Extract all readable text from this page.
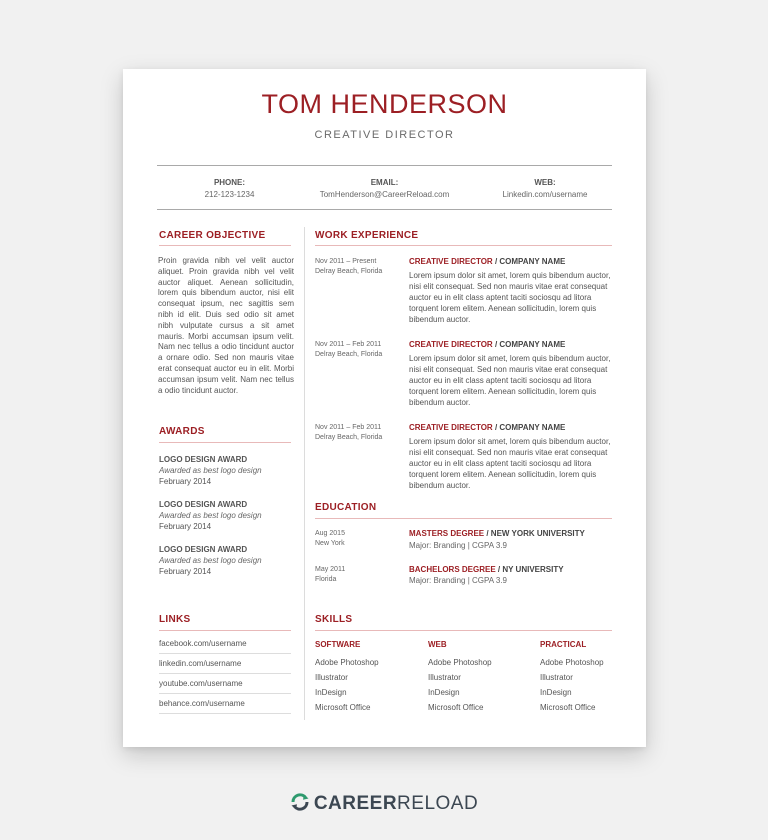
TOM HENDERSON
CREATIVE DIRECTOR
PHONE:
212-123-1234
EMAIL:
TomHenderson@CareerReload.com
WEB:
Linkedin.com/username
CAREER OBJECTIVE
Proin gravida nibh vel velit auctor aliquet. Proin gravida nibh vel velit auctor aliquet. Aenean sollicitudin, lorem quis bibendum auctor, nisi elit consequat ipsum, nec sagittis sem nibh id elit. Duis sed odio sit amet nibh vulputate cursus a sit amet mauris. Morbi accumsan ipsum velit. Nam nec tellus a odio tincidunt auctor a ornare odio. Sed non mauris vitae erat consequat auctor eu in elit. Morbi accumsan ipsum velit. Nam nec tellus a odio tincidunt auctor.
AWARDS
LOGO DESIGN AWARD
Awarded as best logo design
February 2014
LOGO DESIGN AWARD
Awarded as best logo design
February 2014
LOGO DESIGN AWARD
Awarded as best logo design
February 2014
LINKS
facebook.com/username
linkedin.com/username
youtube.com/username
behance.com/username
WORK EXPERIENCE
Nov 2011 – Present
Delray Beach, Florida
CREATIVE DIRECTOR / COMPANY NAME
Lorem ipsum dolor sit amet, lorem quis bibendum auctor, nisi elit consequat. Sed non mauris vitae erat consequat auctor eu in elit class aptent taciti sociosqu ad litora torquent lorem elitem. Aenean sollicitudin, lorem quis bibendum auctor.
Nov 2011 – Feb 2011
Delray Beach, Florida
CREATIVE DIRECTOR / COMPANY NAME
Lorem ipsum dolor sit amet, lorem quis bibendum auctor, nisi elit consequat. Sed non mauris vitae erat consequat auctor eu in elit class aptent taciti sociosqu ad litora torquent lorem elitem. Aenean sollicitudin, lorem quis bibendum auctor.
Nov 2011 – Feb 2011
Delray Beach, Florida
CREATIVE DIRECTOR / COMPANY NAME
Lorem ipsum dolor sit amet, lorem quis bibendum auctor, nisi elit consequat. Sed non mauris vitae erat consequat auctor eu in elit class aptent taciti sociosqu ad litora torquent lorem elitem. Aenean sollicitudin, lorem quis bibendum auctor.
EDUCATION
Aug 2015
New York
MASTERS DEGREE / NEW YORK UNIVERSITY
Major: Branding | CGPA 3.9
May 2011
Florida
BACHELORS DEGREE / NY UNIVERSITY
Major: Branding | CGPA 3.9
SKILLS
SOFTWARE
Adobe Photoshop
Illustrator
InDesign
Microsoft Office
WEB
Adobe Photoshop
Illustrator
InDesign
Microsoft Office
PRACTICAL
Adobe Photoshop
Illustrator
InDesign
Microsoft Office
CAREERRELOAD
